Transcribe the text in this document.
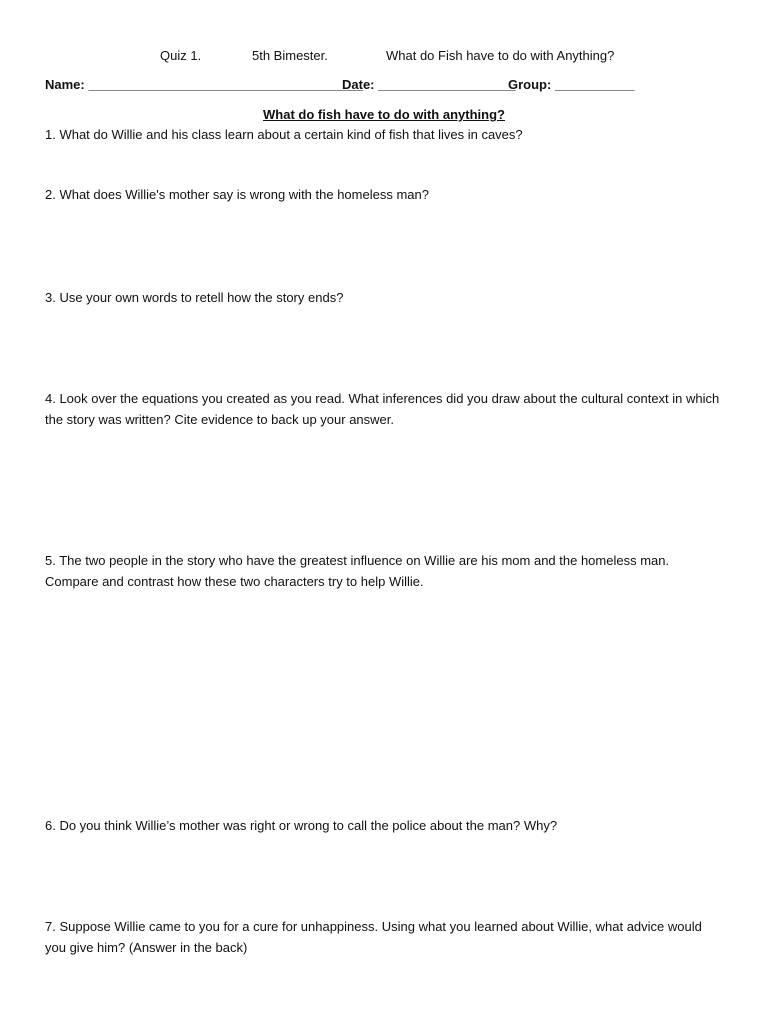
Quiz 1.	5th Bimester.	What do Fish have to do with Anything?
Name: ______________________________________
Date: ___________________
Group: ___________
What do fish have to do with anything?
1. What do Willie and his class learn about a certain kind of fish that lives in caves?
2. What does Willie's mother say is wrong with the homeless man?
3. Use your own words to retell how the story ends?
4. Look over the equations you created as you read. What inferences did you draw about the cultural context in which the story was written? Cite evidence to back up your answer.
5. The two people in the story who have the greatest influence on Willie are his mom and the homeless man. Compare and contrast how these two characters try to help Willie.
6. Do you think Willie’s mother was right or wrong to call the police about the man? Why?
7. Suppose Willie came to you for a cure for unhappiness. Using what you learned about Willie, what advice would you give him? (Answer in the back)
